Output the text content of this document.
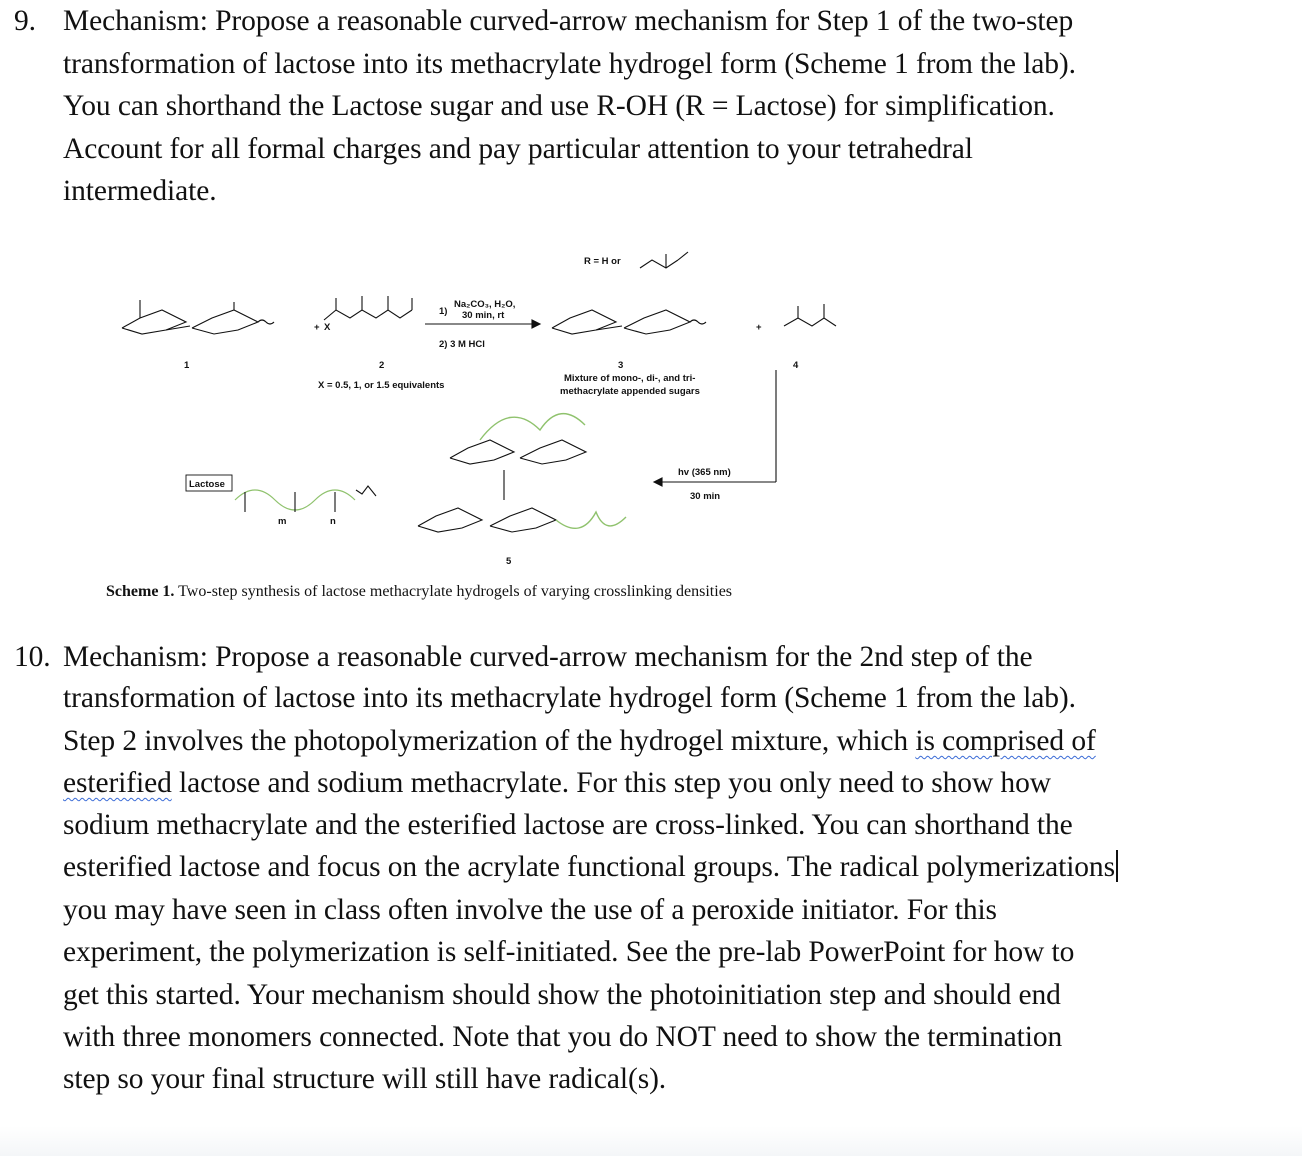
9. Mechanism: Propose a reasonable curved-arrow mechanism for Step 1 of the two-step
transformation of lactose into its methacrylate hydrogel form (Scheme 1 from the lab).
You can shorthand the Lactose sugar and use R-OH (R = Lactose) for simplification.
Account for all formal charges and pay particular attention to your tetrahedral
intermediate.
Lactose
1	2
+ X
1)
Na₂CO₃, H₂O,
30 min, rt
2) 3 M HCl
X = 0.5, 1, or 1.5 equivalents
R = H or
3
Mixture of mono-, di-, and tri-
methacrylate appended sugars
+
4
hv (365 nm)
30 min
5
m	n
Scheme 1. Two-step synthesis of lactose methacrylate hydrogels of varying crosslinking densities
10. Mechanism: Propose a reasonable curved-arrow mechanism for the 2nd step of the
transformation of lactose into its methacrylate hydrogel form (Scheme 1 from the lab).
Step 2 involves the photopolymerization of the hydrogel mixture, which is comprised of
esterified lactose and sodium methacrylate. For this step you only need to show how
sodium methacrylate and the esterified lactose are cross-linked. You can shorthand the
esterified lactose and focus on the acrylate functional groups. The radical polymerizations
you may have seen in class often involve the use of a peroxide initiator. For this
experiment, the polymerization is self-initiated. See the pre-lab PowerPoint for how to
get this started. Your mechanism should show the photoinitiation step and should end
with three monomers connected. Note that you do NOT need to show the termination
step so your final structure will still have radical(s).
